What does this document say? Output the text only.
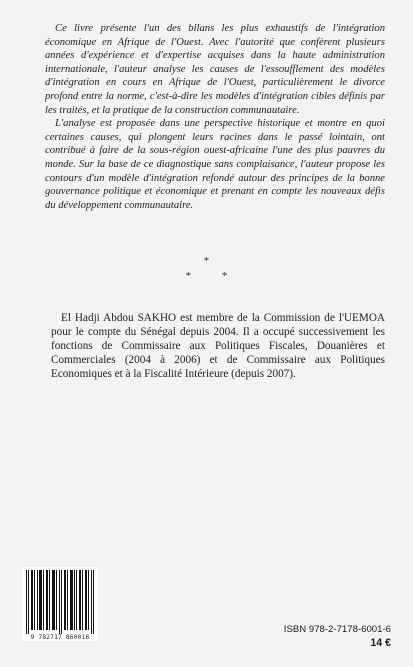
Ce livre présente l'un des bilans les plus exhaustifs de l'intégration économique en Afrique de l'Ouest. Avec l'autorité que confèrent plusieurs années d'expérience et d'expertise acquises dans la haute administration internationale, l'auteur analyse les causes de l'essoufflement des modèles d'intégration en cours en Afrique de l'Ouest, particulièrement le divorce profond entre la norme, c'est-à-dire les modèles d'intégration cibles définis par les traités, et la pratique de la construction communautaire.

L'analyse est proposée dans une perspective historique et montre en quoi certaines causes, qui plongent leurs racines dans le passé lointain, ont contribué à faire de la sous-région ouest-africaine l'une des plus pauvres du monde. Sur la base de ce diagnostique sans complaisance, l'auteur propose les contours d'un modèle d'intégration refondé autour des principes de la bonne gouvernance politique et économique et prenant en compte les nouveaux défis du développement communautaire.

*
* *

El Hadji Abdou SAKHO est membre de la Commission de l'UEMOA pour le compte du Sénégal depuis 2004. Il a occupé successivement les fonctions de Commissaire aux Politiques Fiscales, Douanières et Commerciales (2004 à 2006) et de Commissaire aux Politiques Economiques et à la Fiscalité Intérieure (depuis 2007).

9 782717 860016
ISBN 978-2-7178-6001-6
14 €
